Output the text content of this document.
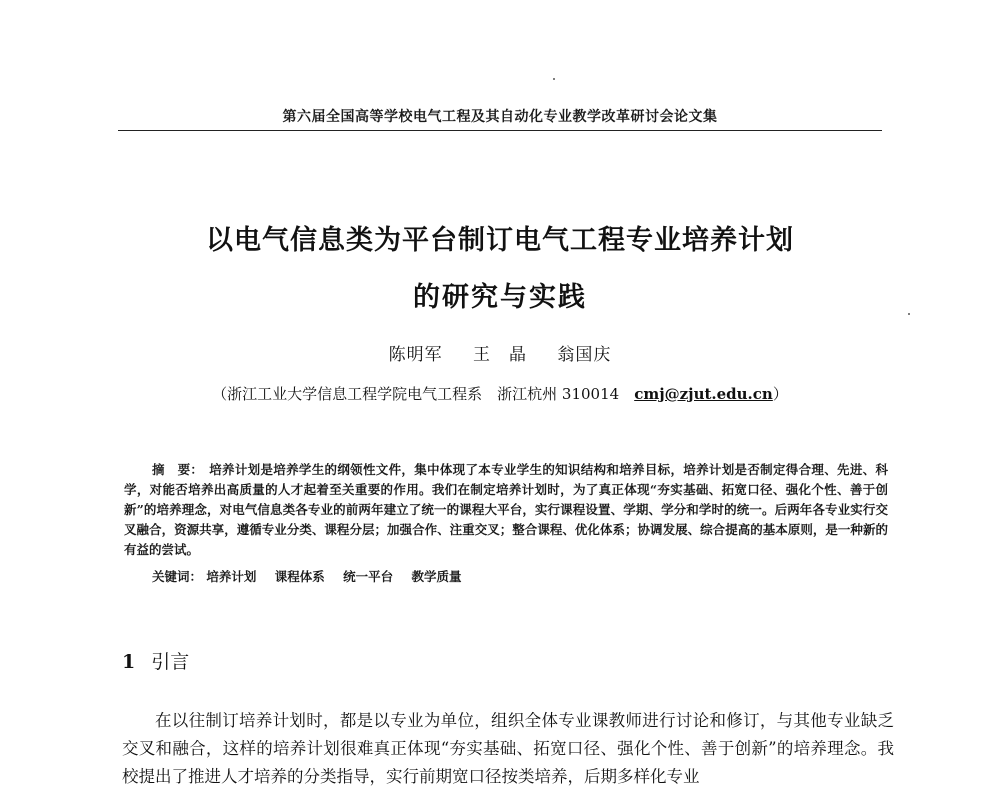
第六届全国高等学校电气工程及其自动化专业教学改革研讨会论文集
以电气信息类为平台制订电气工程专业培养计划
的研究与实践
陈明军 王　晶 翁国庆
（浙江工业大学信息工程学院电气工程系　浙江杭州 310014　cmj@zjut.edu.cn）
摘　要： 培养计划是培养学生的纲领性文件，集中体现了本专业学生的知识结构和培养目标，培养计划是否制定得合理、先进、科学，对能否培养出高质量的人才起着至关重要的作用。我们在制定培养计划时，为了真正体现“夯实基础、拓宽口径、强化个性、善于创新”的培养理念，对电气信息类各专业的前两年建立了统一的课程大平台，实行课程设置、学期、学分和学时的统一。后两年各专业实行交叉融合，资源共享，遵循专业分类、课程分层；加强合作、注重交叉；整合课程、优化体系；协调发展、综合提高的基本原则，是一种新的有益的尝试。
关键词： 培养计划 课程体系 统一平台 教学质量
1 引言

在以往制订培养计划时，都是以专业为单位，组织全体专业课教师进行讨论和修订，与其他专业缺乏交叉和融合，这样的培养计划很难真正体现“夯实基础、拓宽口径、强化个性、善于创新”的培养理念。我校提出了推进人才培养的分类指导，实行前期宽口径按类培养，后期多样化专业
